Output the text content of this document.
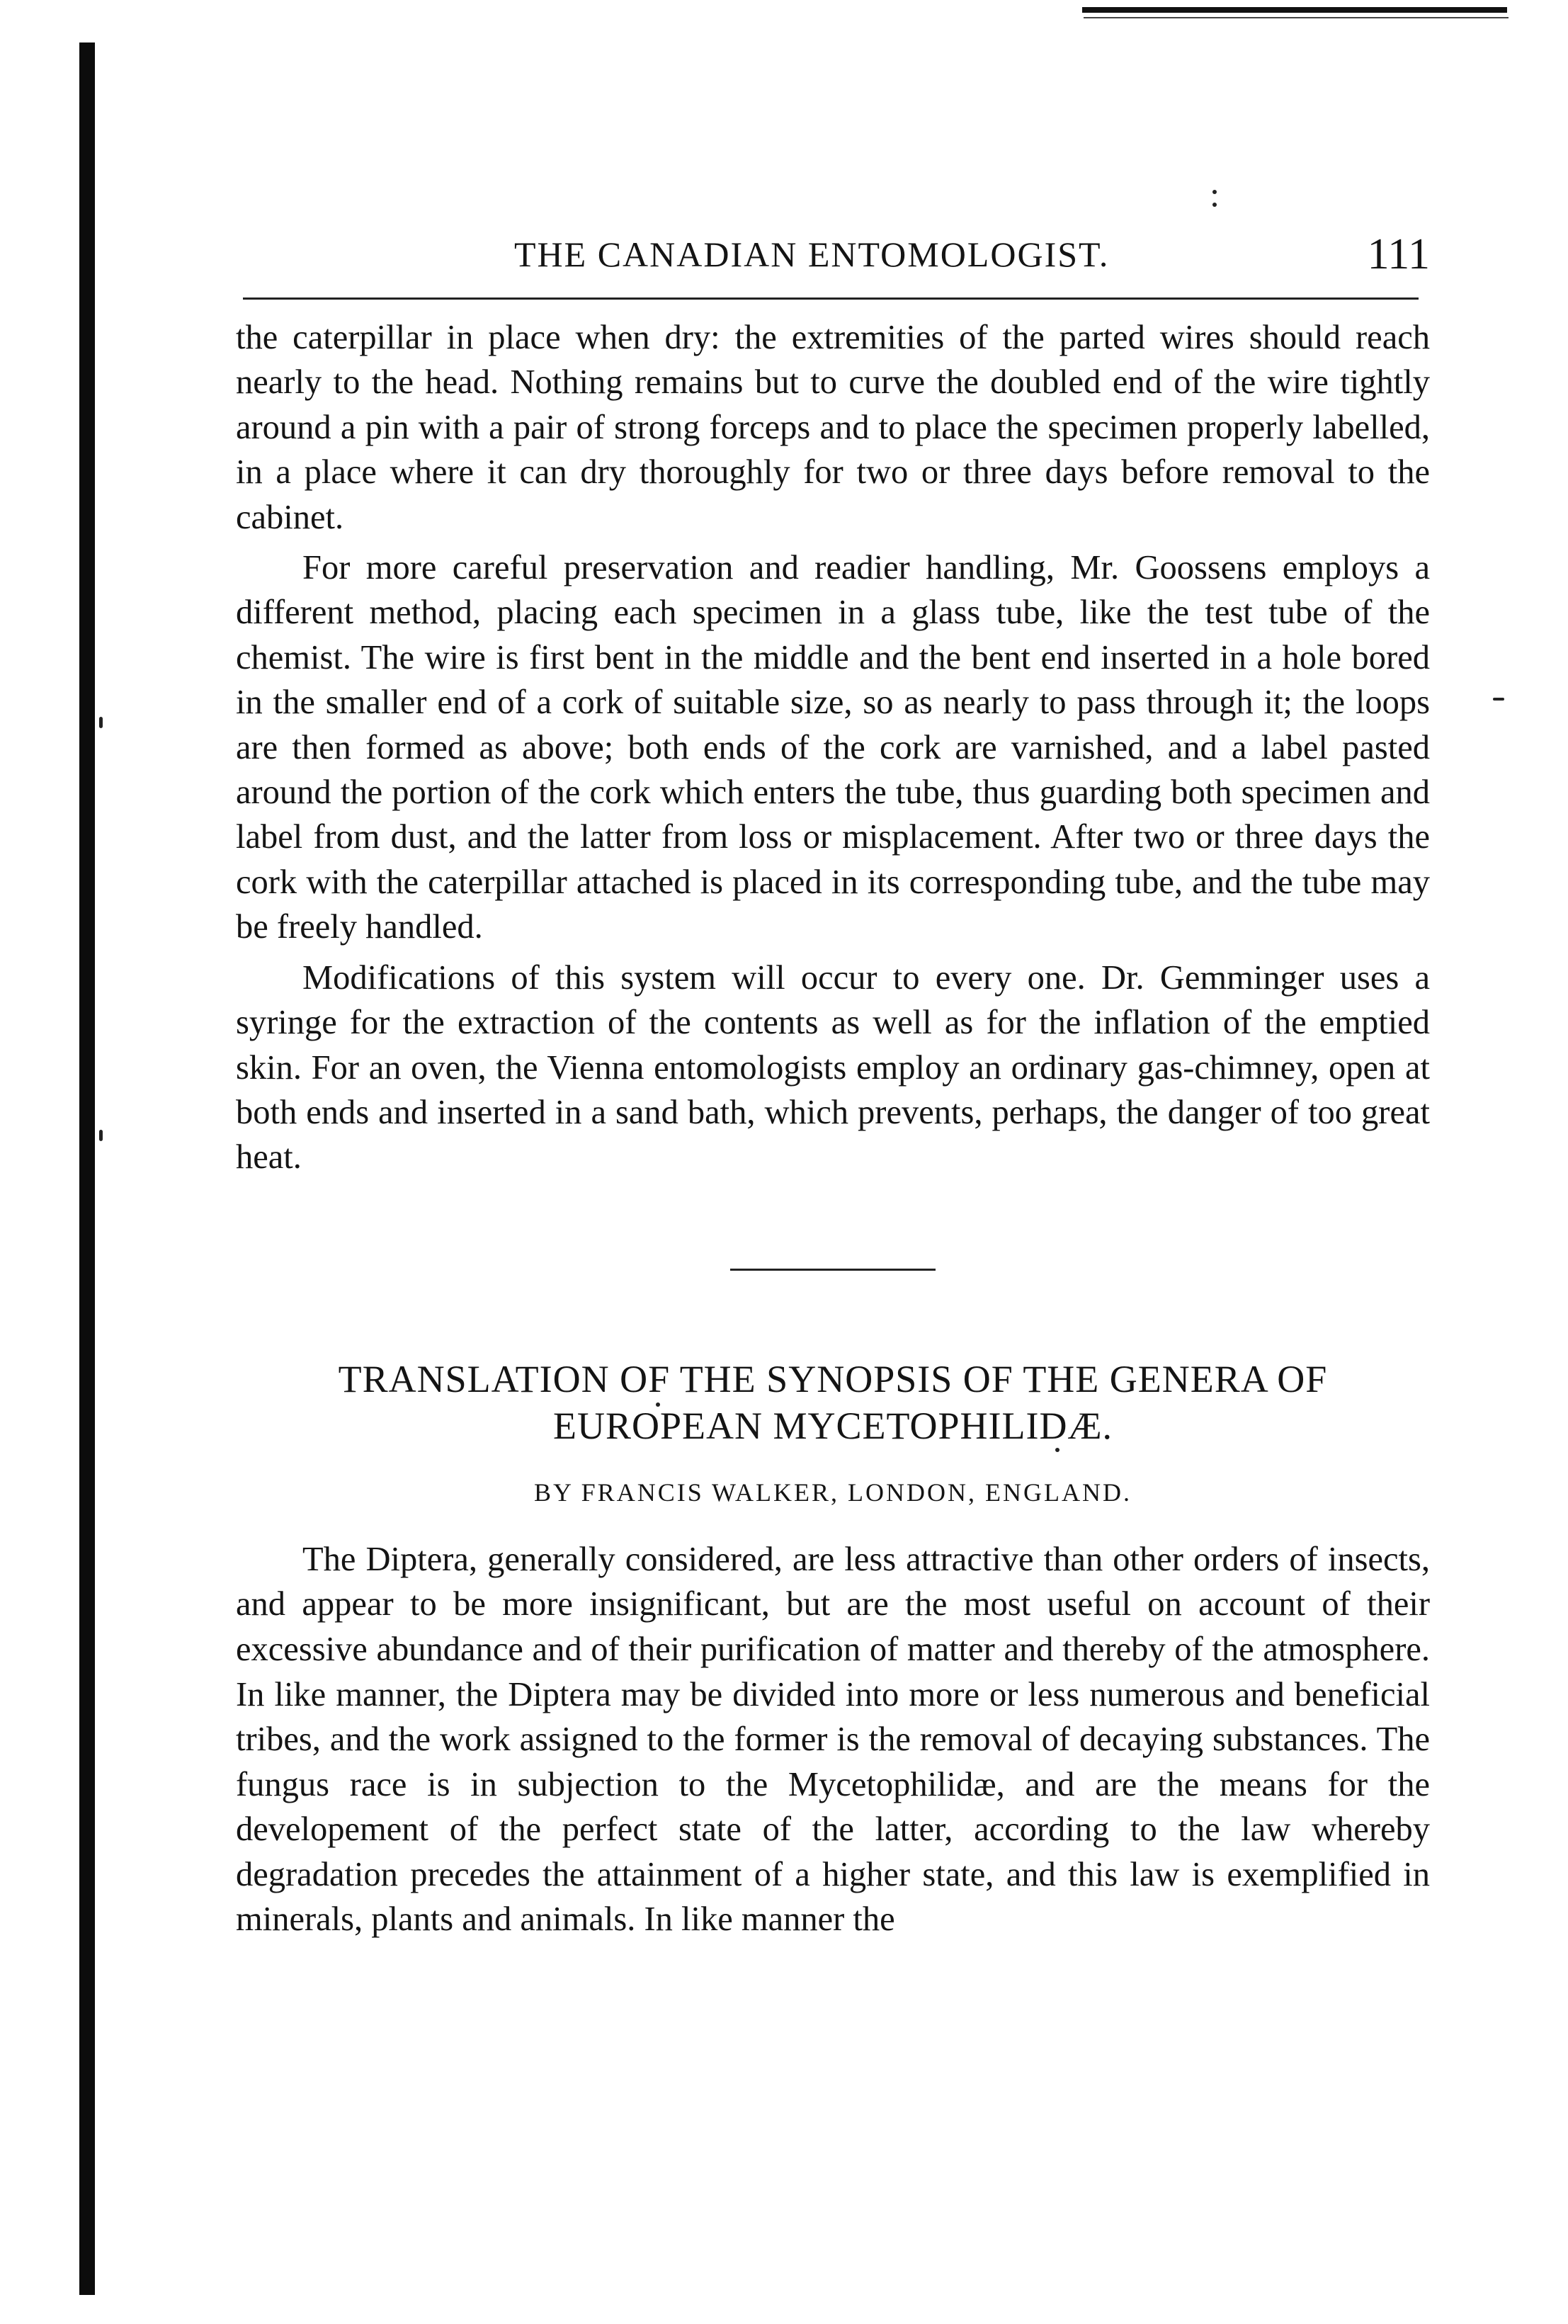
THE CANADIAN ENTOMOLOGIST.	111

the caterpillar in place when dry: the extremities of the parted wires should reach nearly to the head. Nothing remains but to curve the doubled end of the wire tightly around a pin with a pair of strong forceps and to place the specimen properly labelled, in a place where it can dry thoroughly for two or three days before removal to the cabinet.

For more careful preservation and readier handling, Mr. Goossens employs a different method, placing each specimen in a glass tube, like the test tube of the chemist. The wire is first bent in the middle and the bent end inserted in a hole bored in the smaller end of a cork of suitable size, so as nearly to pass through it; the loops are then formed as above; both ends of the cork are varnished, and a label pasted around the portion of the cork which enters the tube, thus guarding both specimen and label from dust, and the latter from loss or misplacement. After two or three days the cork with the caterpillar attached is placed in its corresponding tube, and the tube may be freely handled.

Modifications of this system will occur to every one. Dr. Gemminger uses a syringe for the extraction of the contents as well as for the inflation of the emptied skin. For an oven, the Vienna entomologists employ an ordinary gas-chimney, open at both ends and inserted in a sand bath, which prevents, perhaps, the danger of too great heat.

TRANSLATION OF THE SYNOPSIS OF THE GENERA OF
EUROPEAN MYCETOPHILIDÆ.
BY FRANCIS WALKER, LONDON, ENGLAND.

The Diptera, generally considered, are less attractive than other orders of insects, and appear to be more insignificant, but are the most useful on account of their excessive abundance and of their purification of matter and thereby of the atmosphere. In like manner, the Diptera may be divided into more or less numerous and beneficial tribes, and the work assigned to the former is the removal of decaying substances. The fungus race is in subjection to the Mycetophilidæ, and are the means for the developement of the perfect state of the latter, according to the law whereby degradation precedes the attainment of a higher state, and this law is exemplified in minerals, plants and animals. In like manner the
